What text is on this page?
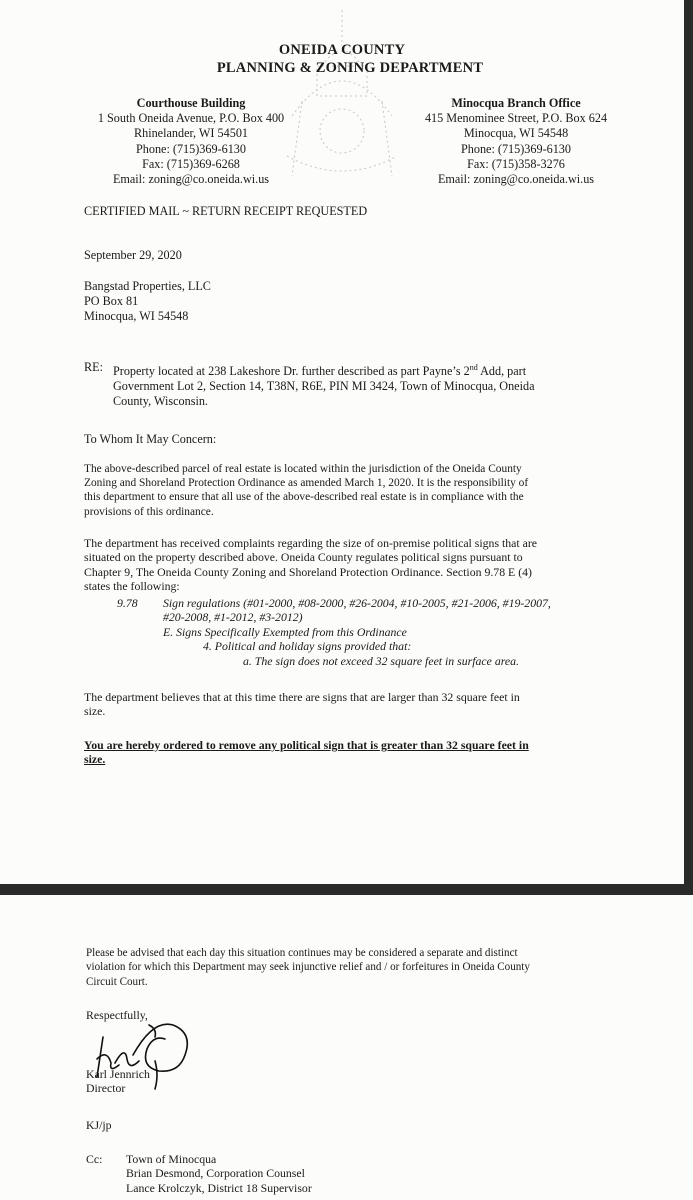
ONEIDA COUNTY
PLANNING & ZONING DEPARTMENT
Courthouse Building
1 South Oneida Avenue, P.O. Box 400
Rhinelander, WI 54501
Phone: (715)369-6130
Fax: (715)369-6268
Email: zoning@co.oneida.wi.us
Minocqua Branch Office
415 Menominee Street, P.O. Box 624
Minocqua, WI 54548
Phone: (715)369-6130
Fax: (715)358-3276
Email: zoning@co.oneida.wi.us
CERTIFIED MAIL ~ RETURN RECEIPT REQUESTED
September 29, 2020
Bangstad Properties, LLC
PO Box 81
Minocqua, WI 54548
RE: Property located at 238 Lakeshore Dr. further described as part Payne’s 2nd Add, part
Government Lot 2, Section 14, T38N, R6E, PIN MI 3424, Town of Minocqua, Oneida
County, Wisconsin.
To Whom It May Concern:
The above-described parcel of real estate is located within the jurisdiction of the Oneida County
Zoning and Shoreland Protection Ordinance as amended March 1, 2020. It is the responsibility of
this department to ensure that all use of the above-described real estate is in compliance with the
provisions of this ordinance.
The department has received complaints regarding the size of on-premise political signs that are
situated on the property described above. Oneida County regulates political signs pursuant to
Chapter 9, The Oneida County Zoning and Shoreland Protection Ordinance. Section 9.78 E (4)
states the following:
9.78 Sign regulations (#01-2000, #08-2000, #26-2004, #10-2005, #21-2006, #19-2007,
#20-2008, #1-2012, #3-2012)
E. Signs Specifically Exempted from this Ordinance
4. Political and holiday signs provided that:
a. The sign does not exceed 32 square feet in surface area.
The department believes that at this time there are signs that are larger than 32 square feet in
size.
You are hereby ordered to remove any political sign that is greater than 32 square feet in
size.
Please be advised that each day this situation continues may be considered a separate and distinct
violation for which this Department may seek injunctive relief and / or forfeitures in Oneida County
Circuit Court.
Respectfully,
Karl Jennrich
Director
KJ/jp
Cc: Town of Minocqua
Brian Desmond, Corporation Counsel
Lance Krolczyk, District 18 Supervisor
